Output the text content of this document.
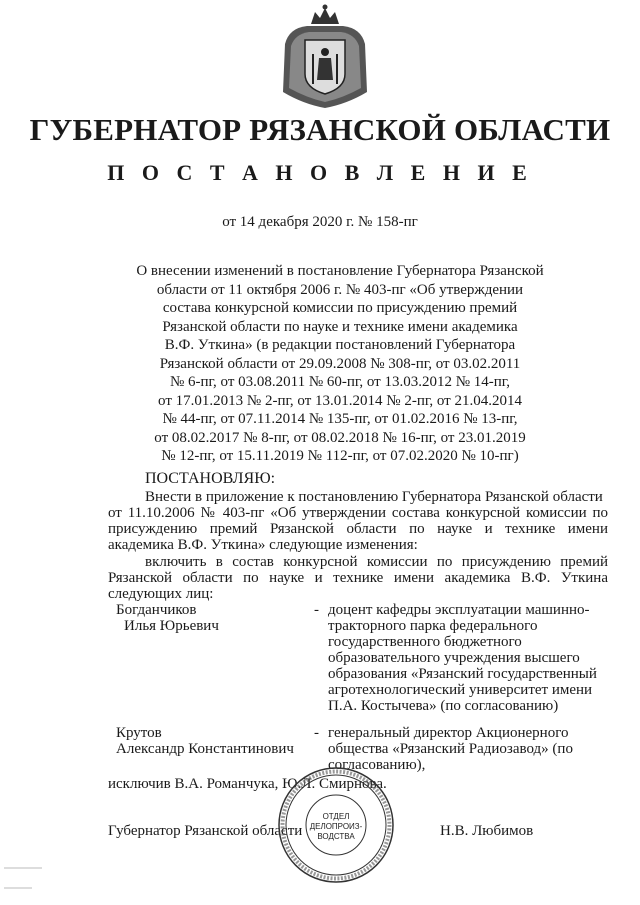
ГУБЕРНАТОР РЯЗАНСКОЙ ОБЛАСТИ
П О С Т А Н О В Л Е Н И Е
от 14 декабря 2020 г. № 158-пг
О внесении изменений в постановление Губернатора Рязанской
области от 11 октября 2006 г. № 403-пг «Об утверждении
состава конкурсной комиссии по присуждению премий
Рязанской области по науке и технике имени академика
В.Ф. Уткина» (в редакции постановлений Губернатора
Рязанской области от 29.09.2008 № 308-пг, от 03.02.2011
№ 6-пг, от 03.08.2011 № 60-пг, от 13.03.2012 № 14-пг,
от 17.01.2013 № 2-пг, от 13.01.2014 № 2-пг, от 21.04.2014
№ 44-пг, от 07.11.2014 № 135-пг, от 01.02.2016 № 13-пг,
от 08.02.2017 № 8-пг, от 08.02.2018 № 16-пг, от 23.01.2019
№ 12-пг, от 15.11.2019 № 112-пг, от 07.02.2020 № 10-пг)
ПОСТАНОВЛЯЮ:
Внести в приложение к постановлению Губернатора Рязанской области
от 11.10.2006 № 403-пг «Об утверждении состава конкурсной комиссии по
присуждению премий Рязанской области по науке и технике имени
академика В.Ф. Уткина» следующие изменения:
включить в состав конкурсной комиссии по присуждению премий
Рязанской области по науке и технике имени академика В.Ф. Уткина
следующих лиц:
Богданчиков
Илья Юрьевич
- доцент кафедры эксплуатации машинно-
тракторного парка федерального
государственного бюджетного
образовательного учреждения высшего
образования «Рязанский государственный
агротехнологический университет имени
П.А. Костычева» (по согласованию)
Крутов
Александр Константинович
- генеральный директор Акционерного
общества «Рязанский Радиозавод» (по
согласованию),
исключив В.А. Романчука, Ю.Л. Смирнова.
Губернатор Рязанской области	Н.В. Любимов
ОТДЕЛ
ДЕЛОПРОИЗ-
ВОДСТВА
